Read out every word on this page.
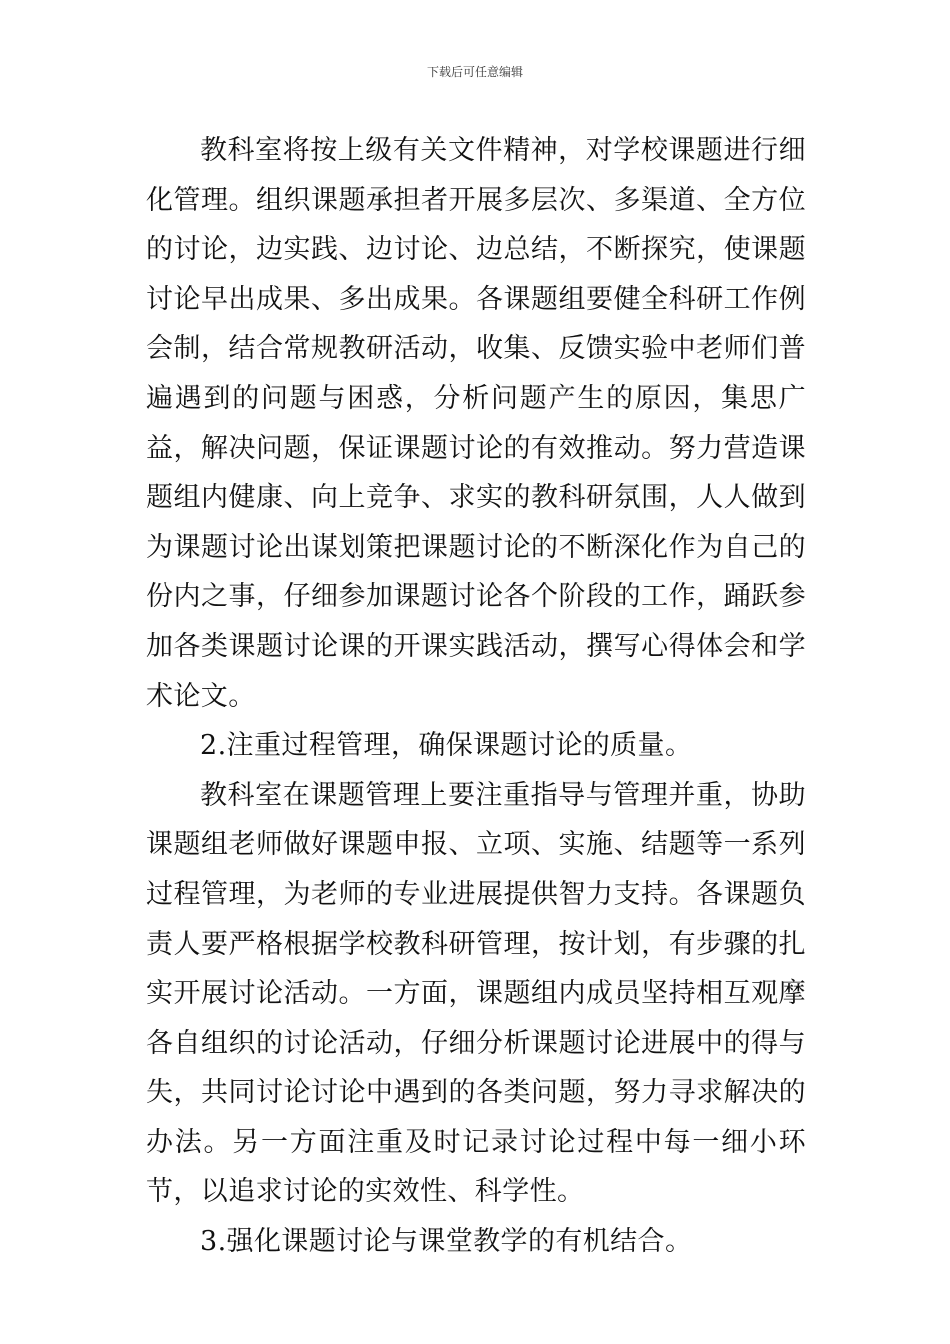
下载后可任意编辑

教科室将按上级有关文件精神，对学校课题进行细化管理。组织课题承担者开展多层次、多渠道、全方位的讨论，边实践、边讨论、边总结，不断探究，使课题讨论早出成果、多出成果。各课题组要健全科研工作例会制，结合常规教研活动，收集、反馈实验中老师们普遍遇到的问题与困惑，分析问题产生的原因，集思广益，解决问题，保证课题讨论的有效推动。努力营造课题组内健康、向上竞争、求实的教科研氛围，人人做到为课题讨论出谋划策把课题讨论的不断深化作为自己的份内之事，仔细参加课题讨论各个阶段的工作，踊跃参加各类课题讨论课的开课实践活动，撰写心得体会和学术论文。

2.注重过程管理，确保课题讨论的质量。

教科室在课题管理上要注重指导与管理并重，协助课题组老师做好课题申报、立项、实施、结题等一系列过程管理，为老师的专业进展提供智力支持。各课题负责人要严格根据学校教科研管理，按计划，有步骤的扎实开展讨论活动。一方面，课题组内成员坚持相互观摩各自组织的讨论活动，仔细分析课题讨论进展中的得与失，共同讨论讨论中遇到的各类问题，努力寻求解决的办法。另一方面注重及时记录讨论过程中每一细小环节，以追求讨论的实效性、科学性。

3.强化课题讨论与课堂教学的有机结合。
